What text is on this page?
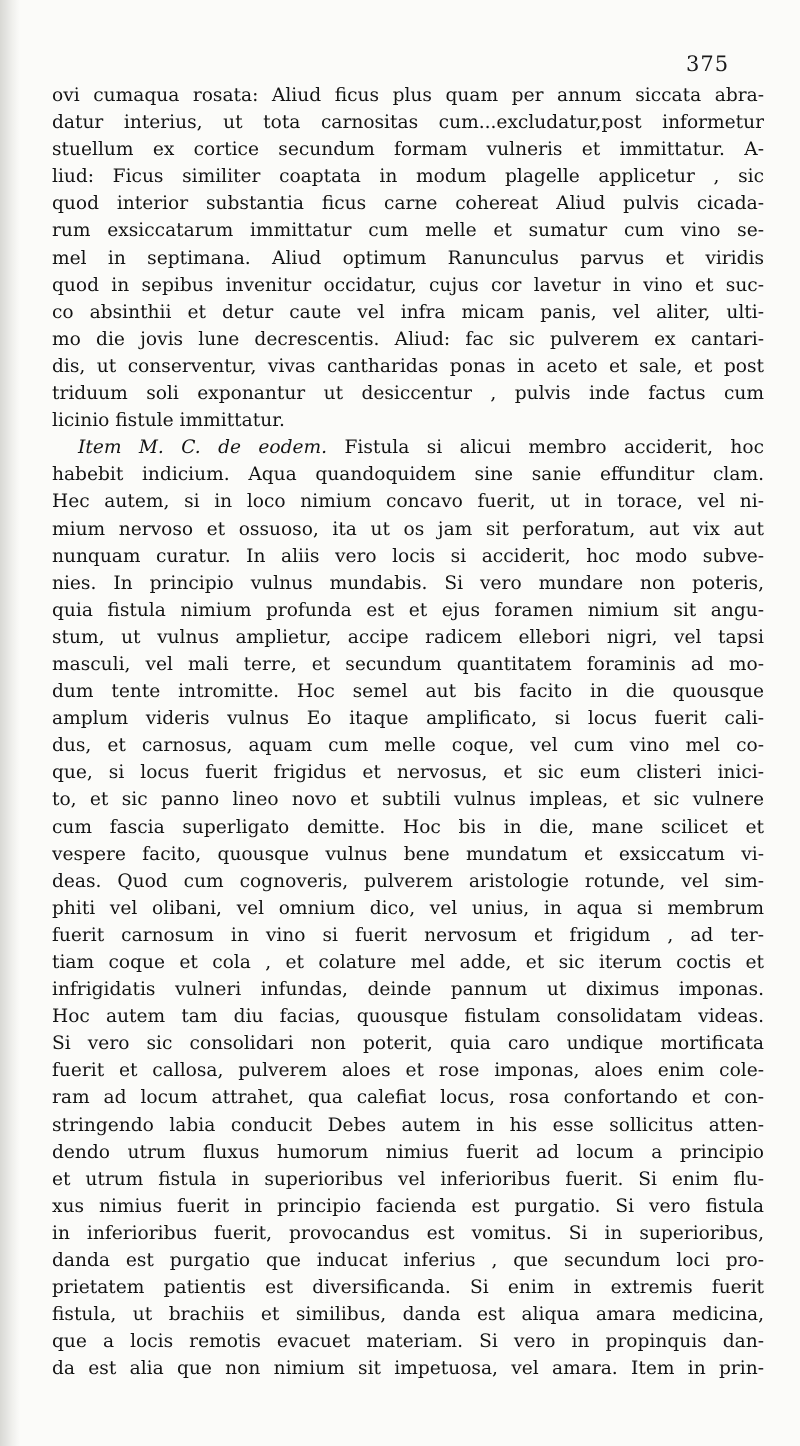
375
ovi cumaqua rosata: Aliud ficus plus quam per annum siccata abra-
datur interius, ut tota carnositas cum...excludatur,post informetur
stuellum ex cortice secundum formam vulneris et immittatur. A-
liud: Ficus similiter coaptata in modum plagelle applicetur , sic
quod interior substantia ficus carne cohereat Aliud pulvis cicada-
rum exsiccatarum immittatur cum melle et sumatur cum vino se-
mel in septimana. Aliud optimum Ranunculus parvus et viridis
quod in sepibus invenitur occidatur, cujus cor lavetur in vino et suc-
co absinthii et detur caute vel infra micam panis, vel aliter, ulti-
mo die jovis lune decrescentis. Aliud: fac sic pulverem ex cantari-
dis, ut conserventur, vivas cantharidas ponas in aceto et sale, et post
triduum soli exponantur ut desiccentur , pulvis inde factus cum
licinio fistule immittatur.
Item M. C. de eodem. Fistula si alicui membro acciderit, hoc
habebit indicium. Aqua quandoquidem sine sanie effunditur clam.
Hec autem, si in loco nimium concavo fuerit, ut in torace, vel ni-
mium nervoso et ossuoso, ita ut os jam sit perforatum, aut vix aut
nunquam curatur. In aliis vero locis si acciderit, hoc modo subve-
nies. In principio vulnus mundabis. Si vero mundare non poteris,
quia fistula nimium profunda est et ejus foramen nimium sit angu-
stum, ut vulnus amplietur, accipe radicem ellebori nigri, vel tapsi
masculi, vel mali terre, et secundum quantitatem foraminis ad mo-
dum tente intromitte. Hoc semel aut bis facito in die quousque
amplum videris vulnus Eo itaque amplificato, si locus fuerit cali-
dus, et carnosus, aquam cum melle coque, vel cum vino mel co-
que, si locus fuerit frigidus et nervosus, et sic eum clisteri inici-
to, et sic panno lineo novo et subtili vulnus impleas, et sic vulnere
cum fascia superligato demitte. Hoc bis in die, mane scilicet et
vespere facito, quousque vulnus bene mundatum et exsiccatum vi-
deas. Quod cum cognoveris, pulverem aristologie rotunde, vel sim-
phiti vel olibani, vel omnium dico, vel unius, in aqua si membrum
fuerit carnosum in vino si fuerit nervosum et frigidum , ad ter-
tiam coque et cola , et colature mel adde, et sic iterum coctis et
infrigidatis vulneri infundas, deinde pannum ut diximus imponas.
Hoc autem tam diu facias, quousque fistulam consolidatam videas.
Si vero sic consolidari non poterit, quia caro undique mortificata
fuerit et callosa, pulverem aloes et rose imponas, aloes enim cole-
ram ad locum attrahet, qua calefiat locus, rosa confortando et con-
stringendo labia conducit Debes autem in his esse sollicitus atten-
dendo utrum fluxus humorum nimius fuerit ad locum a principio
et utrum fistula in superioribus vel inferioribus fuerit. Si enim flu-
xus nimius fuerit in principio facienda est purgatio. Si vero fistula
in inferioribus fuerit, provocandus est vomitus. Si in superioribus,
danda est purgatio que inducat inferius , que secundum loci pro-
prietatem patientis est diversificanda. Si enim in extremis fuerit
fistula, ut brachiis et similibus, danda est aliqua amara medicina,
que a locis remotis evacuet materiam. Si vero in propinquis dan-
da est alia que non nimium sit impetuosa, vel amara. Item in prin-
